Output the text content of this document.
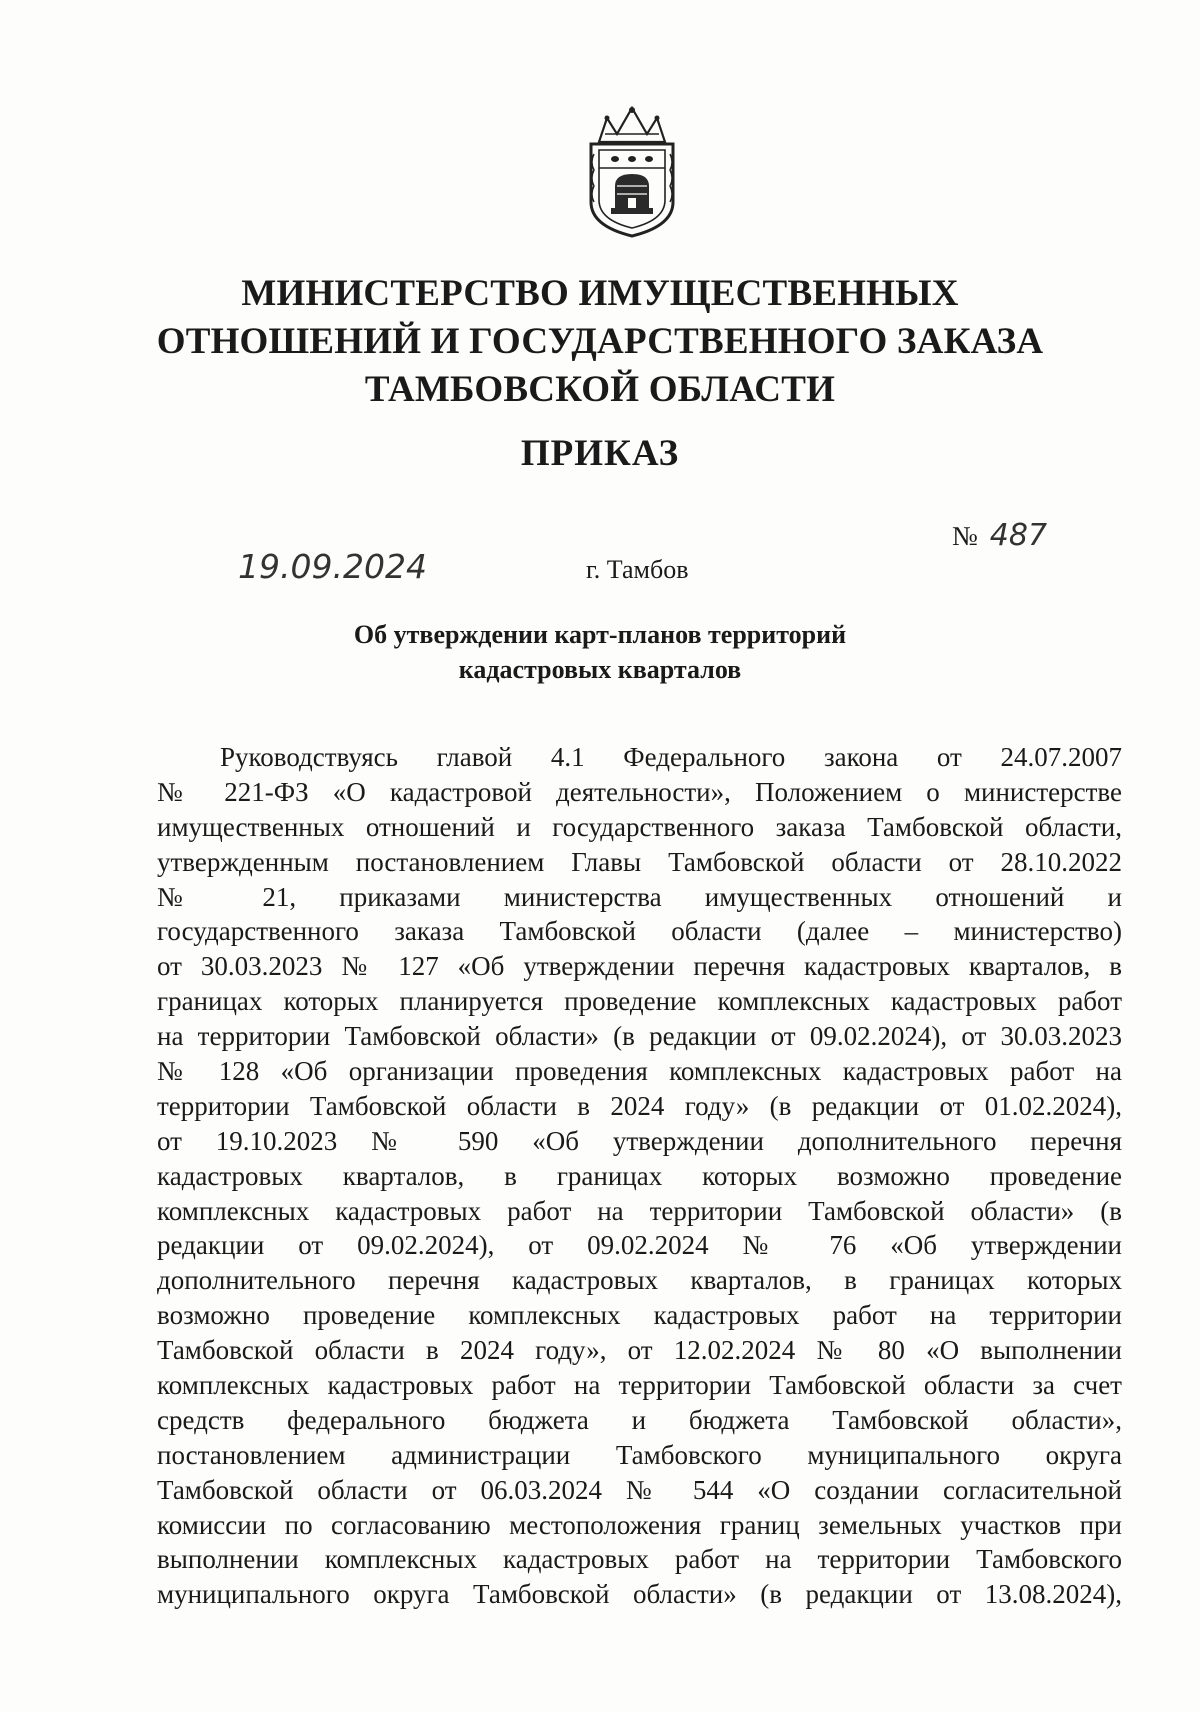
МИНИСТЕРСТВО ИМУЩЕСТВЕННЫХ
ОТНОШЕНИЙ И ГОСУДАРСТВЕННОГО ЗАКАЗА
ТАМБОВСКОЙ ОБЛАСТИ
ПРИКАЗ
№ 487
19.09.2024	г. Тамбов
Об утверждении карт-планов территорий
кадастровых кварталов
Руководствуясь главой 4.1 Федерального закона от 24.07.2007
№ 221-ФЗ «О кадастровой деятельности», Положением о министерстве
имущественных отношений и государственного заказа Тамбовской области,
утвержденным постановлением Главы Тамбовской области от 28.10.2022
№ 21, приказами министерства имущественных отношений и
государственного заказа Тамбовской области (далее – министерство)
от 30.03.2023 № 127 «Об утверждении перечня кадастровых кварталов, в
границах которых планируется проведение комплексных кадастровых работ
на территории Тамбовской области» (в редакции от 09.02.2024), от 30.03.2023
№ 128 «Об организации проведения комплексных кадастровых работ на
территории Тамбовской области в 2024 году» (в редакции от 01.02.2024),
от 19.10.2023 № 590 «Об утверждении дополнительного перечня
кадастровых кварталов, в границах которых возможно проведение
комплексных кадастровых работ на территории Тамбовской области» (в
редакции от 09.02.2024), от 09.02.2024 № 76 «Об утверждении
дополнительного перечня кадастровых кварталов, в границах которых
возможно проведение комплексных кадастровых работ на территории
Тамбовской области в 2024 году», от 12.02.2024 № 80 «О выполнении
комплексных кадастровых работ на территории Тамбовской области за счет
средств федерального бюджета и бюджета Тамбовской области»,
постановлением администрации Тамбовского муниципального округа
Тамбовской области от 06.03.2024 № 544 «О создании согласительной
комиссии по согласованию местоположения границ земельных участков при
выполнении комплексных кадастровых работ на территории Тамбовского
муниципального округа Тамбовской области» (в редакции от 13.08.2024),
